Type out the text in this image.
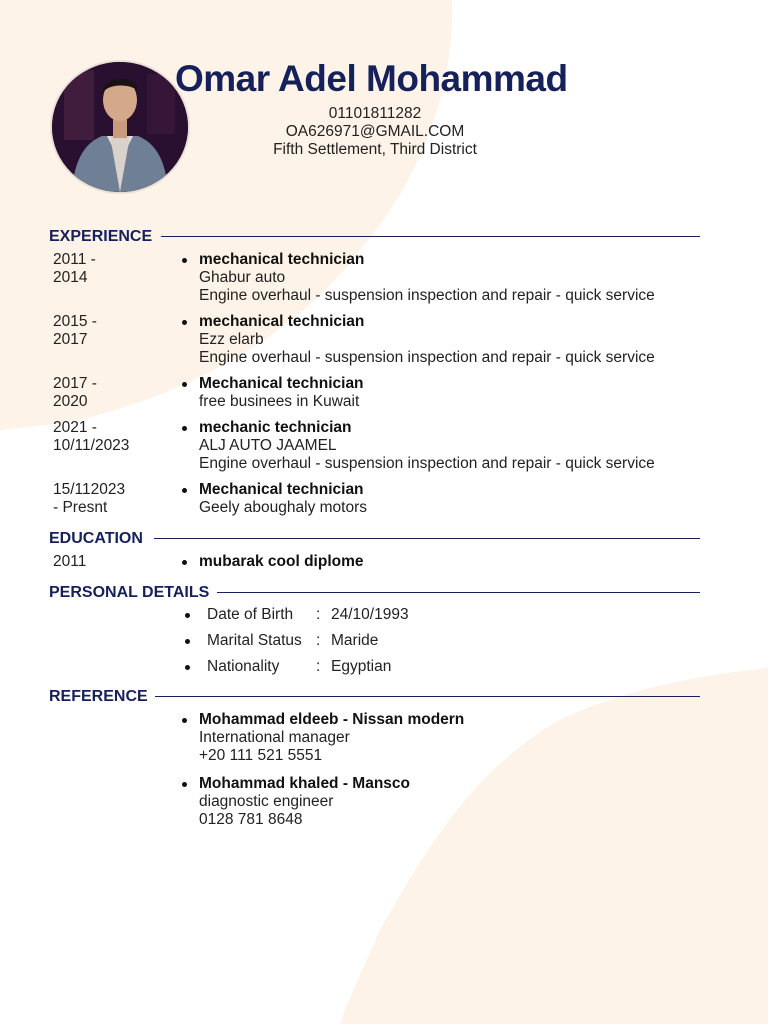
Omar Adel Mohammad
01101811282
OA626971@GMAIL.COM
Fifth Settlement, Third District
EXPERIENCE
2011 -
2014
mechanical technician
Ghabur auto
Engine overhaul - suspension inspection and repair - quick service
2015 -
2017
mechanical technician
Ezz elarb
Engine overhaul - suspension inspection and repair - quick service
2017 -
2020
Mechanical technician
free businees in Kuwait
2021 -
10/11/2023
mechanic technician
ALJ AUTO JAAMEL
Engine overhaul - suspension inspection and repair - quick service
15/112023
- Presnt
Mechanical technician
Geely aboughaly motors
EDUCATION
2011	mubarak cool diplome
PERSONAL DETAILS
Date of Birth : 24/10/1993
Marital Status : Maride
Nationality : Egyptian
REFERENCE
Mohammad eldeeb - Nissan modern
International manager
+20 111 521 5551
Mohammad khaled - Mansco
diagnostic engineer
0128 781 8648
